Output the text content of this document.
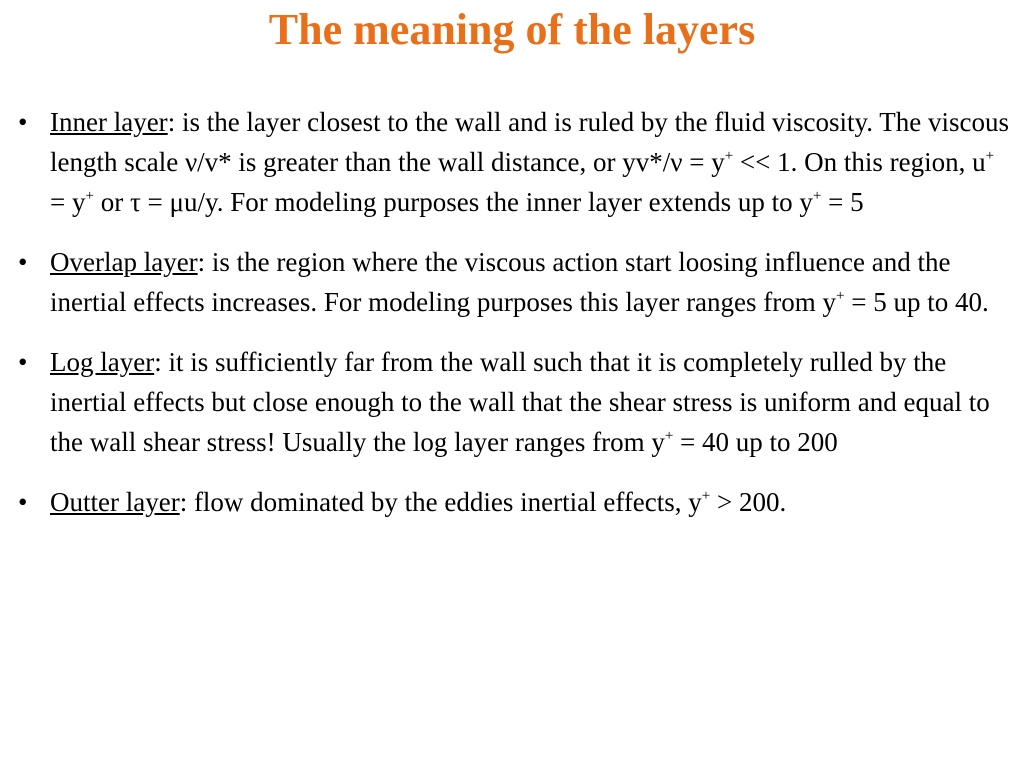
The meaning of the layers
• Inner layer: is the layer closest to the wall and is ruled by the fluid viscosity. The viscous length scale ν/v* is greater than the wall distance, or yv*/ν = y+ << 1. On this region, u+ = y+ or τ = μu/y. For modeling purposes the inner layer extends up to y+ = 5
• Overlap layer: is the region where the viscous action start loosing influence and the inertial effects increases. For modeling purposes this layer ranges from y+ = 5 up to 40.
• Log layer: it is sufficiently far from the wall such that it is completely rulled by the inertial effects but close enough to the wall that the shear stress is uniform and equal to the wall shear stress! Usually the log layer ranges from y+ = 40 up to 200
• Outter layer: flow dominated by the eddies inertial effects, y+ > 200.
